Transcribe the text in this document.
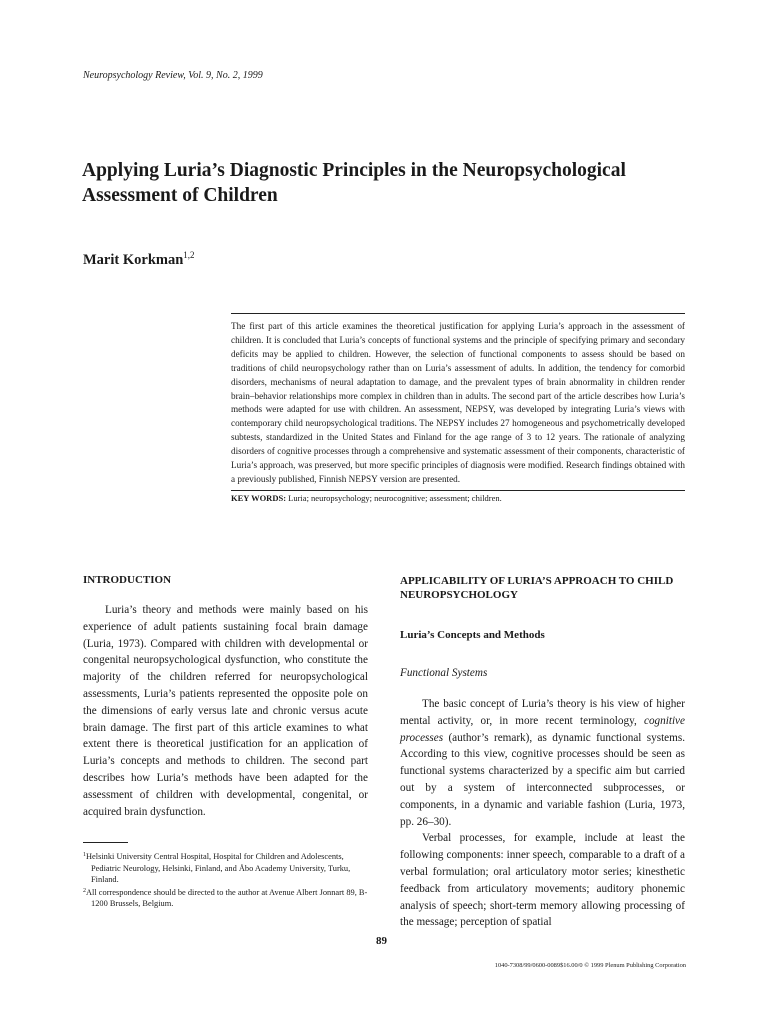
Neuropsychology Review, Vol. 9, No. 2, 1999
Applying Luria’s Diagnostic Principles in the Neuropsychological Assessment of Children
Marit Korkman$^{1,2}$

The first part of this article examines the theoretical justification for applying Luria’s approach in the assessment of children. It is concluded that Luria’s concepts of functional systems and the principle of specifying primary and secondary deficits may be applied to children. However, the selection of functional components to assess should be based on traditions of child neuropsychology rather than on Luria’s assessment of adults. In addition, the tendency for comorbid disorders, mechanisms of neural adaptation to damage, and the prevalent types of brain abnormality in children render brain–behavior relationships more complex in children than in adults. The second part of the article describes how Luria’s methods were adapted for use with children. An assessment, NEPSY, was developed by integrating Luria’s views with contemporary child neuropsychological traditions. The NEPSY includes 27 homogeneous and psychometrically developed subtests, standardized in the United States and Finland for the age range of 3 to 12 years. The rationale of analyzing disorders of cognitive processes through a comprehensive and systematic assessment of their components, characteristic of Luria’s approach, was preserved, but more specific principles of diagnosis were modified. Research findings obtained with a previously published, Finnish NEPSY version are presented.

KEY WORDS: Luria; neuropsychology; neurocognitive; assessment; children.
INTRODUCTION

Luria’s theory and methods were mainly based on his experience of adult patients sustaining focal brain damage (Luria, 1973). Compared with children with developmental or congenital neuropsychological dysfunction, who constitute the majority of the children referred for neuropsychological assessments, Luria’s patients represented the opposite pole on the dimensions of early versus late and chronic versus acute brain damage. The first part of this article examines to what extent there is theoretical justification for an application of Luria’s concepts and methods to children. The second part describes how Luria’s methods have been adapted for the assessment of children with developmental, congenital, or acquired brain dysfunction.

APPLICABILITY OF LURIA’S APPROACH TO CHILD NEUROPSYCHOLOGY
Luria’s Concepts and Methods
Functional Systems

The basic concept of Luria’s theory is his view of higher mental activity, or, in more recent terminology, cognitive processes (author’s remark), as dynamic functional systems. According to this view, cognitive processes should be seen as functional systems characterized by a specific aim but carried out by a system of interconnected subprocesses, or components, in a dynamic and variable fashion (Luria, 1973, pp. 26–30).

Verbal processes, for example, include at least the following components: inner speech, comparable to a draft of a verbal formulation; oral articulatory motor series; kinesthetic feedback from articulatory movements; auditory phonemic analysis of speech; short-term memory allowing processing of the message; perception of spatial

$^1$Helsinki University Central Hospital, Hospital for Children and Adolescents, Pediatric Neurology, Helsinki, Finland, and Åbo Academy University, Turku, Finland.

$^2$All correspondence should be directed to the author at Avenue Albert Jonnart 89, B-1200 Brussels, Belgium.

89
1040-7308/99/0600-0089$16.00/0 © 1999 Plenum Publishing Corporation
